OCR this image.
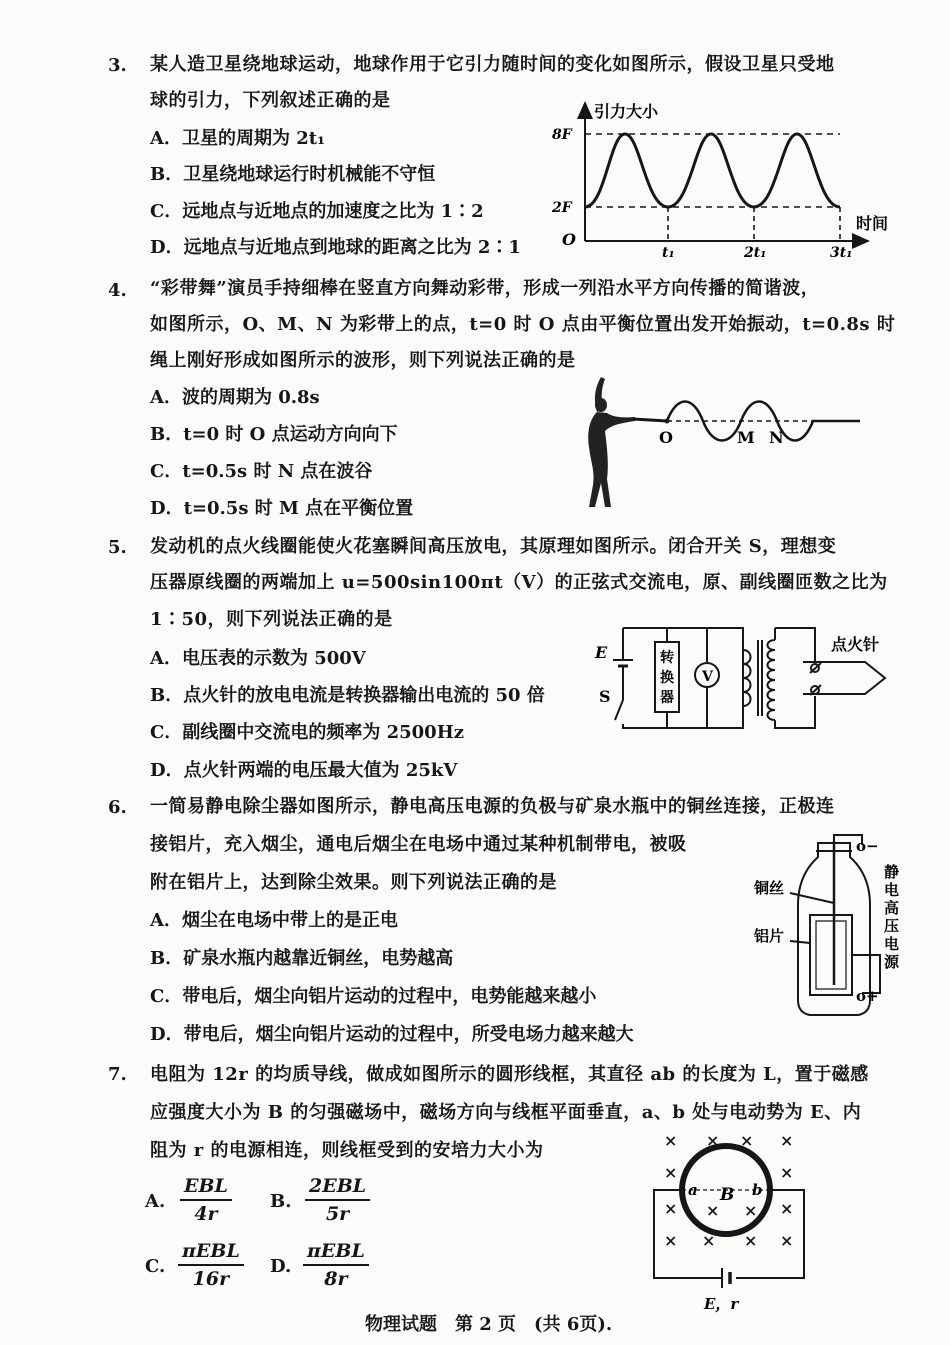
3. 某人造卫星绕地球运动，地球作用于它引力随时间的变化如图所示，假设卫星只受地
球的引力，下列叙述正确的是
A．卫星的周期为 2t₁
B．卫星绕地球运行时机械能不守恒
C．远地点与近地点的加速度之比为 1∶2
D．远地点与近地点到地球的距离之比为 2∶1
引力大小
时间
O
8F
2F
t₁	2t₁	3t₁
4. “彩带舞”演员手持细棒在竖直方向舞动彩带，形成一列沿水平方向传播的简谐波，
如图所示，O、M、N 为彩带上的点，t=0 时 O 点由平衡位置出发开始振动，t=0.8s 时
绳上刚好形成如图所示的波形，则下列说法正确的是
A．波的周期为 0.8s
B．t=0 时 O 点运动方向向下
C．t=0.5s 时 N 点在波谷
D．t=0.5s 时 M 点在平衡位置
O	M N
5. 发动机的点火线圈能使火花塞瞬间高压放电，其原理如图所示。闭合开关 S，理想变
压器原线圈的两端加上 u=500sin100πt（V）的正弦式交流电，原、副线圈匝数之比为
1∶50，则下列说法正确的是
A．电压表的示数为 500V
B．点火针的放电电流是转换器输出电流的 50 倍
C．副线圈中交流电的频率为 2500Hz
D．点火针两端的电压最大值为 25kV
E
S
V
转 换 器
点火针
6. 一简易静电除尘器如图所示，静电高压电源的负极与矿泉水瓶中的铜丝连接，正极连
接铝片，充入烟尘，通电后烟尘在电场中通过某种机制带电，被吸
附在铝片上，达到除尘效果。则下列说法正确的是
A．烟尘在电场中带上的是正电
B．矿泉水瓶内越靠近铜丝，电势越高
C．带电后，烟尘向铝片运动的过程中，电势能越来越小
D．带电后，烟尘向铝片运动的过程中，所受电场力越来越大
o−
o+
铜丝
铝片
静电高压电源
7. 电阻为 12r 的均质导线，做成如图所示的圆形线框，其直径 ab 的长度为 L，置于磁感
应强度大小为 B 的匀强磁场中，磁场方向与线框平面垂直，a、b 处与电动势为 E、内
阻为 r 的电源相连，则线框受到的安培力大小为
A.
EBL
4r
B.
2EBL
5r
C.
πEBL
16r
D.
πEBL
8r
× × × ×
×	×
× × × ×
× × × ×
a B b
E，r
物理试题　第 2 页　(共 6页).
